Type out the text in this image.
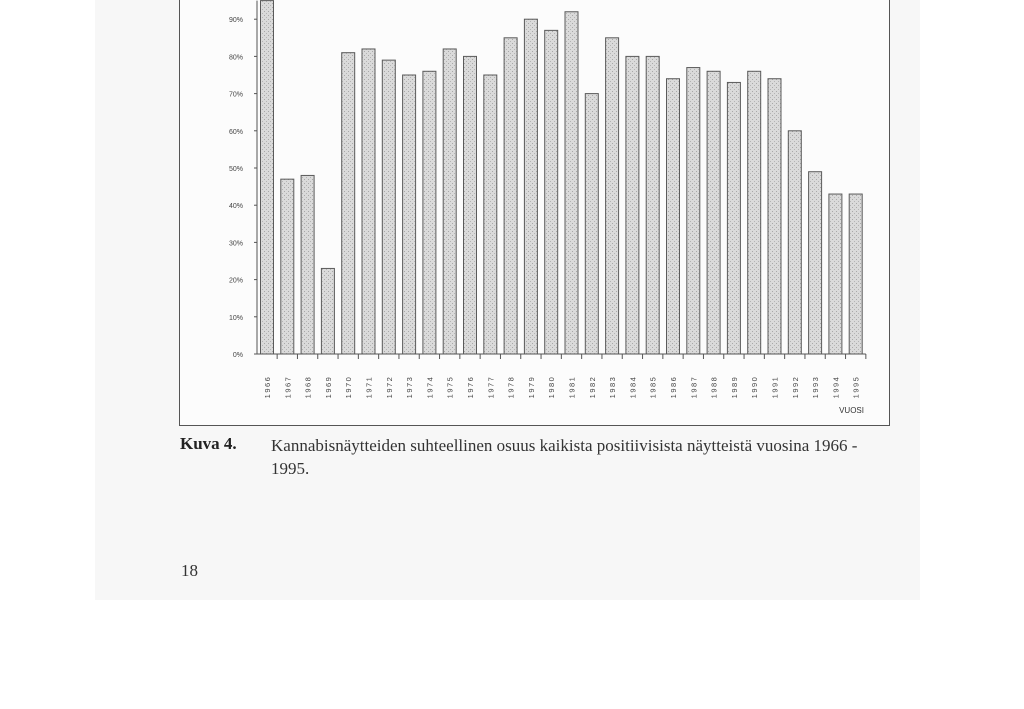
0%
10%
20%
30%
40%
50%
60%
70%
80%
90%
1966 1967 1968 1969 1970 1971 1972 1973 1974 1975 1976 1977 1978 1979 1980 1981 1982 1983 1984 1985 1986 1987 1988 1989 1990 1991 1992 1993 1994 1995
VUOSI
Kuva 4. Kannabisnäytteiden suhteellinen osuus kaikista positiivisista näytteistä vuosina 1966 - 1995.
18
